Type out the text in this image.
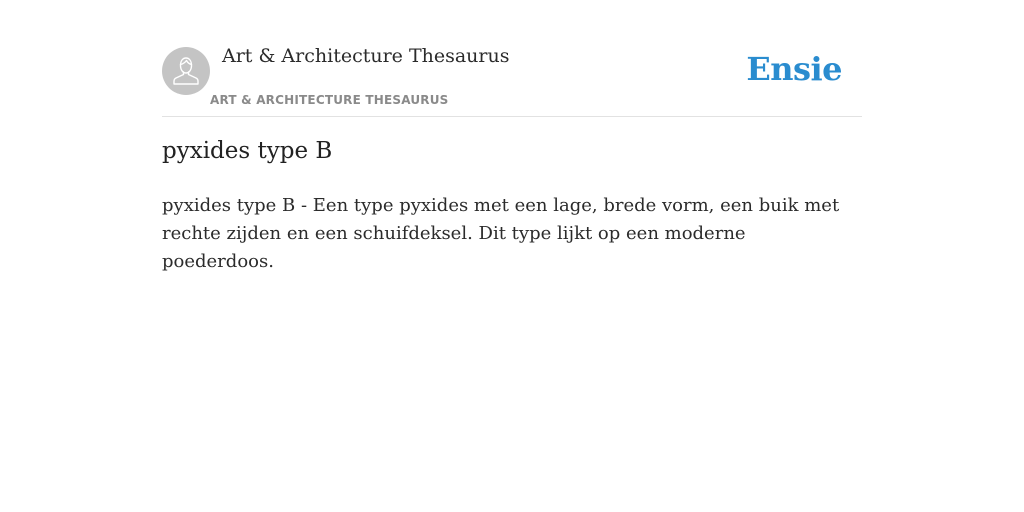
Art & Architecture Thesaurus
ART & ARCHITECTURE THESAURUS
Ensie
pyxides type B

pyxides type B - Een type pyxides met een lage, brede vorm, een buik met rechte zijden en een schuifdeksel. Dit type lijkt op een moderne poederdoos.
